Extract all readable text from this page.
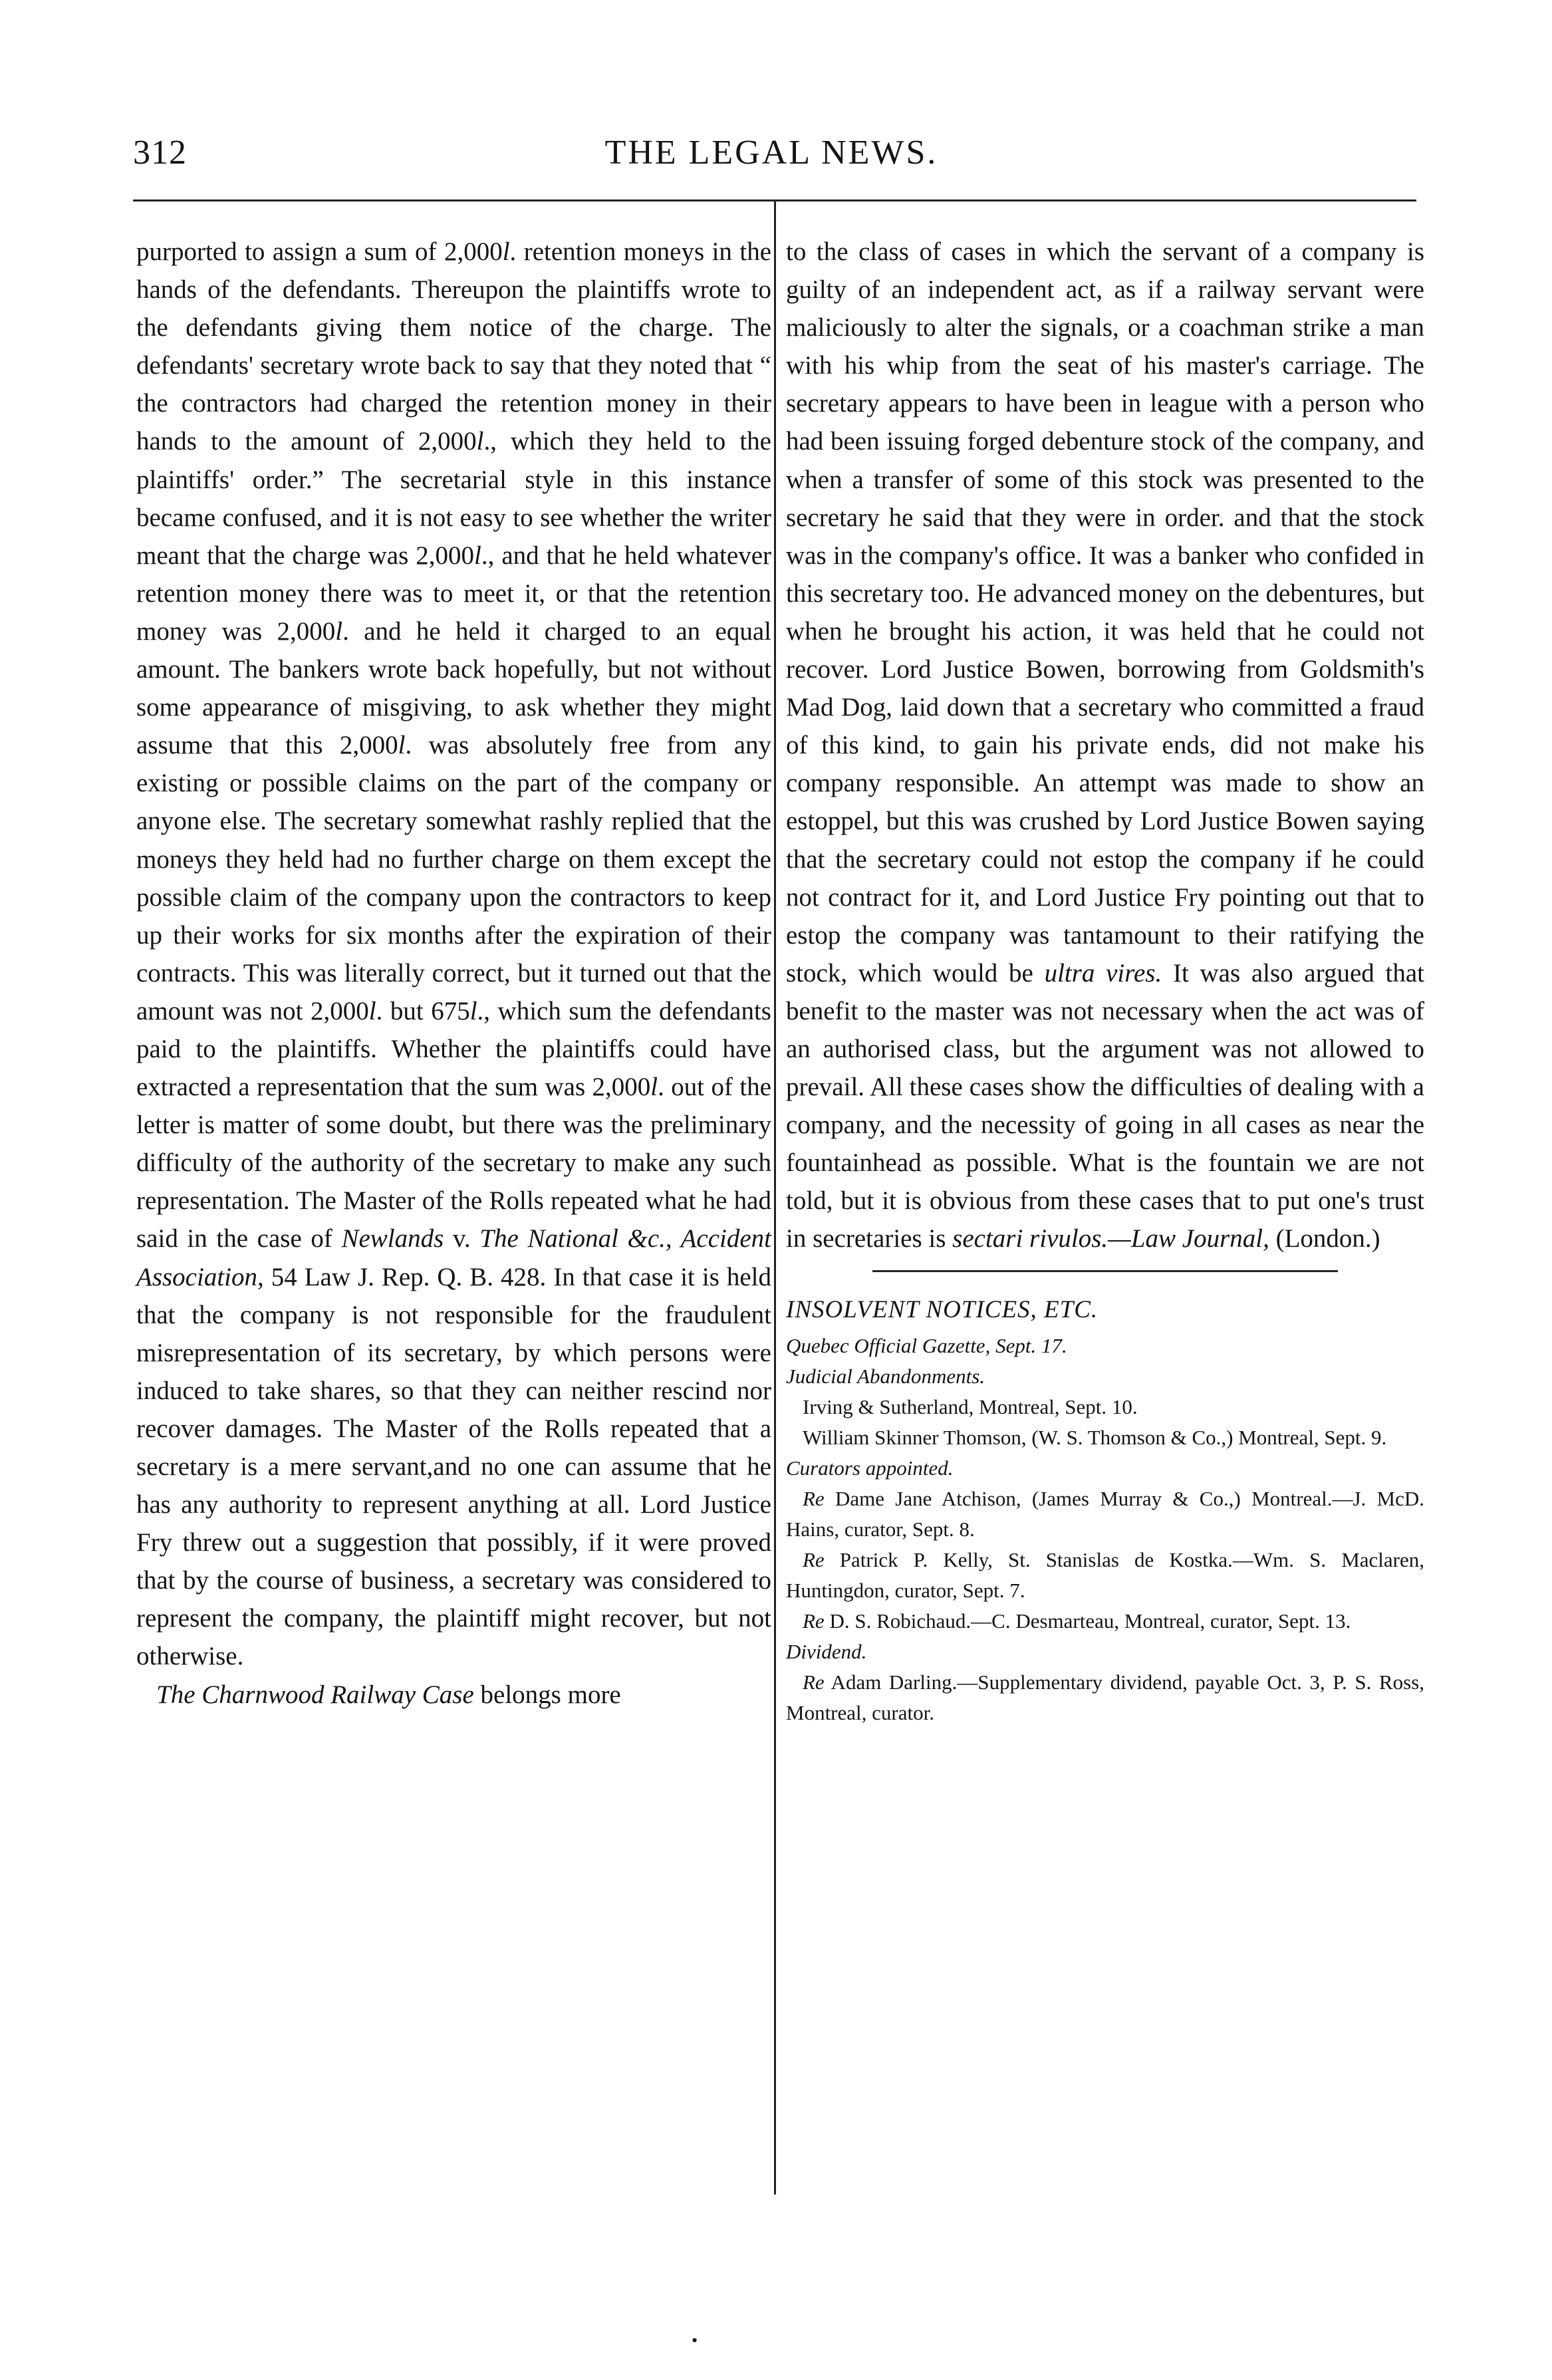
312	THE LEGAL NEWS.

purported to assign a sum of 2,000l. retention moneys in the hands of the defendants. Thereupon the plaintiffs wrote to the defendants giving them notice of the charge. The defendants' secretary wrote back to say that they noted that “ the contractors had charged the retention money in their hands to the amount of 2,000l., which they held to the plaintiffs' order.” The secretarial style in this instance became confused, and it is not easy to see whether the writer meant that the charge was 2,000l., and that he held whatever retention money there was to meet it, or that the retention money was 2,000l. and he held it charged to an equal amount. The bankers wrote back hopefully, but not without some appearance of misgiving, to ask whether they might assume that this 2,000l. was absolutely free from any existing or possible claims on the part of the company or anyone else. The secretary somewhat rashly replied that the moneys they held had no further charge on them except the possible claim of the company upon the contractors to keep up their works for six months after the expiration of their contracts. This was literally correct, but it turned out that the amount was not 2,000l. but 675l., which sum the defendants paid to the plaintiffs. Whether the plaintiffs could have extracted a representation that the sum was 2,000l. out of the letter is matter of some doubt, but there was the preliminary difficulty of the authority of the secretary to make any such representation. The Master of the Rolls repeated what he had said in the case of Newlands v. The National &c., Accident Association, 54 Law J. Rep. Q. B. 428. In that case it is held that the company is not responsible for the fraudulent misrepresentation of its secretary, by which persons were induced to take shares, so that they can neither rescind nor recover damages. The Master of the Rolls repeated that a secretary is a mere servant,and no one can assume that he has any authority to represent anything at all. Lord Justice Fry threw out a suggestion that possibly, if it were proved that by the course of business, a secretary was considered to represent the company, the plaintiff might recover, but not otherwise.

The Charnwood Railway Case belongs more

to the class of cases in which the servant of a company is guilty of an independent act, as if a railway servant were maliciously to alter the signals, or a coachman strike a man with his whip from the seat of his master's carriage. The secretary appears to have been in league with a person who had been issuing forged debenture stock of the company, and when a transfer of some of this stock was presented to the secretary he said that they were in order. and that the stock was in the company's office. It was a banker who confided in this secretary too. He advanced money on the debentures, but when he brought his action, it was held that he could not recover. Lord Justice Bowen, borrowing from Goldsmith's Mad Dog, laid down that a secretary who committed a fraud of this kind, to gain his private ends, did not make his company responsible. An attempt was made to show an estoppel, but this was crushed by Lord Justice Bowen saying that the secretary could not estop the company if he could not contract for it, and Lord Justice Fry pointing out that to estop the company was tantamount to their ratifying the stock, which would be ultra vires. It was also argued that benefit to the master was not necessary when the act was of an authorised class, but the argument was not allowed to prevail. All these cases show the difficulties of dealing with a company, and the necessity of going in all cases as near the fountainhead as possible. What is the fountain we are not told, but it is obvious from these cases that to put one's trust in secretaries is sectari rivulos.—Law Journal, (London.)

INSOLVENT NOTICES, ETC.
Quebec Official Gazette, Sept. 17.
Judicial Abandonments.
Irving & Sutherland, Montreal, Sept. 10.
William Skinner Thomson, (W. S. Thomson & Co.,) Montreal, Sept. 9.
Curators appointed.
Re Dame Jane Atchison, (James Murray & Co.,) Montreal.—J. McD. Hains, curator, Sept. 8.
Re Patrick P. Kelly, St. Stanislas de Kostka.—Wm. S. Maclaren, Huntingdon, curator, Sept. 7.
Re D. S. Robichaud.—C. Desmarteau, Montreal, curator, Sept. 13.
Dividend.
Re Adam Darling.—Supplementary dividend, payable Oct. 3, P. S. Ross, Montreal, curator.
•
